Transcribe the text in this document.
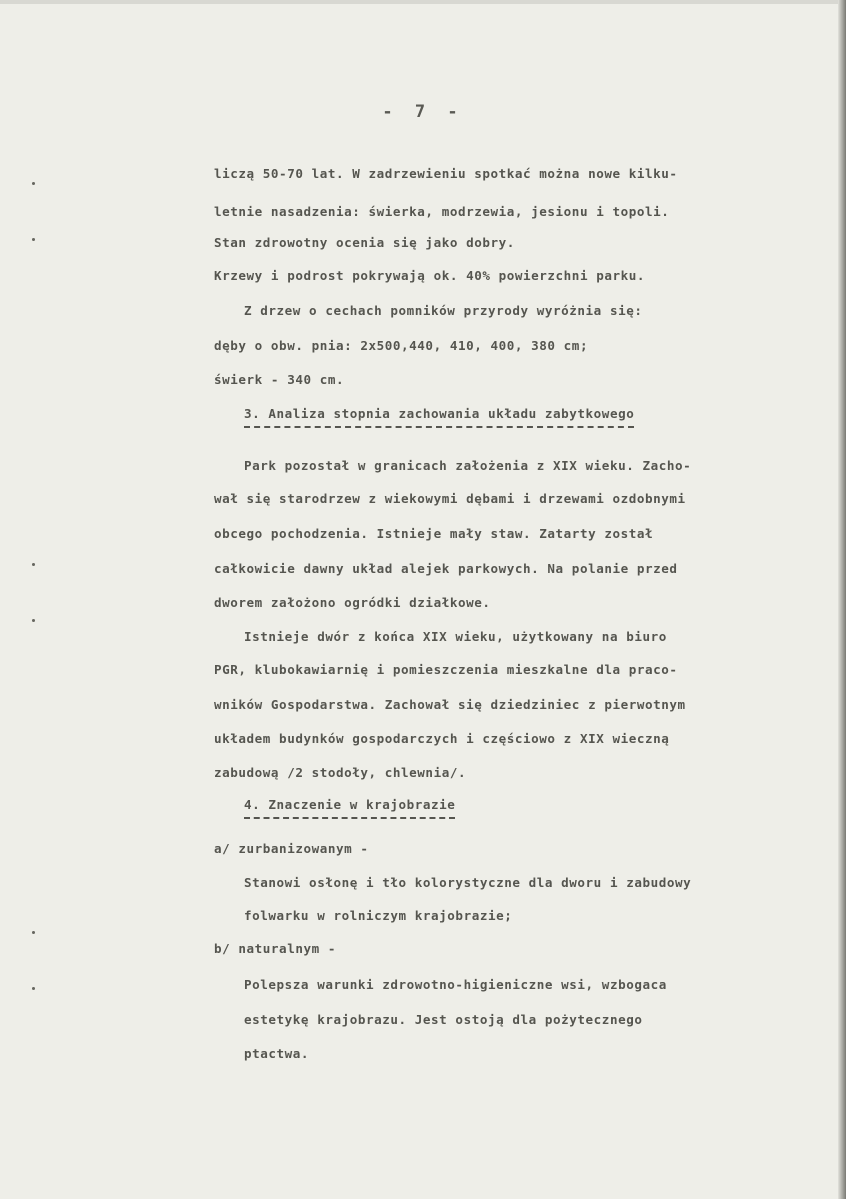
- 7 -
liczą 50-70 lat. W zadrzewieniu spotkać można nowe kilku-
letnie nasadzenia: świerka, modrzewia, jesionu i topoli.
Stan zdrowotny ocenia się jako dobry.
Krzewy i podrost pokrywają ok. 40% powierzchni parku.
Z drzew o cechach pomników przyrody wyróżnia się:
dęby o obw. pnia: 2x500,440, 410, 400, 380 cm;
świerk - 340 cm.
3. Analiza stopnia zachowania układu zabytkowego
Park pozostał w granicach założenia z XIX wieku. Zacho-
wał się starodrzew z wiekowymi dębami i drzewami ozdobnymi
obcego pochodzenia. Istnieje mały staw. Zatarty został
całkowicie dawny układ alejek parkowych. Na polanie przed
dworem założono ogródki działkowe.
Istnieje dwór z końca XIX wieku, użytkowany na biuro
PGR, klubokawiarnię i pomieszczenia mieszkalne dla praco-
wników Gospodarstwa. Zachował się dziedziniec z pierwotnym
układem budynków gospodarczych i częściowo z XIX wieczną
zabudową /2 stodoły, chlewnia/.
4. Znaczenie w krajobrazie
a/ zurbanizowanym -
Stanowi osłonę i tło kolorystyczne dla dworu i zabudowy
folwarku w rolniczym krajobrazie;
b/ naturalnym -
Polepsza warunki zdrowotno-higieniczne wsi, wzbogaca
estetykę krajobrazu. Jest ostoją dla pożytecznego
ptactwa.
